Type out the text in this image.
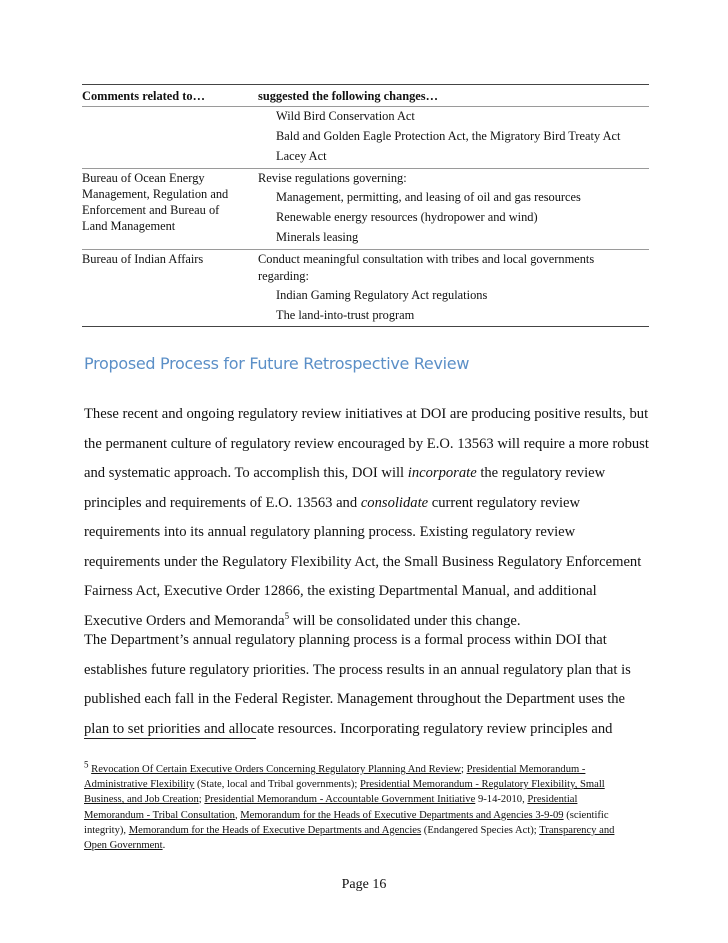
Comments related to…	suggested the following changes…
Wild Bird Conservation Act
Bald and Golden Eagle Protection Act, the Migratory Bird Treaty Act
Lacey Act
Bureau of Ocean Energy
Management, Regulation and
Enforcement and Bureau of
Land Management
Revise regulations governing:
Management, permitting, and leasing of oil and gas resources
Renewable energy resources (hydropower and wind)
Minerals leasing
Bureau of Indian Affairs	Conduct meaningful consultation with tribes and local governments
regarding:
Indian Gaming Regulatory Act regulations
The land-into-trust program
Proposed Process for Future Retrospective Review
These recent and ongoing regulatory review initiatives at DOI are producing positive results, but
the permanent culture of regulatory review encouraged by E.O. 13563 will require a more robust
and systematic approach. To accomplish this, DOI will incorporate the regulatory review
principles and requirements of E.O. 13563 and consolidate current regulatory review
requirements into its annual regulatory planning process. Existing regulatory review
requirements under the Regulatory Flexibility Act, the Small Business Regulatory Enforcement
Fairness Act, Executive Order 12866, the existing Departmental Manual, and additional
Executive Orders and Memoranda$^5$ will be consolidated under this change.
The Department’s annual regulatory planning process is a formal process within DOI that
establishes future regulatory priorities. The process results in an annual regulatory plan that is
published each fall in the Federal Register. Management throughout the Department uses the
plan to set priorities and allocate resources. Incorporating regulatory review principles and
$^5$ Revocation Of Certain Executive Orders Concerning Regulatory Planning And Review; Presidential Memorandum -
Administrative Flexibility (State, local and Tribal governments); Presidential Memorandum - Regulatory Flexibility, Small
Business, and Job Creation; Presidential Memorandum - Accountable Government Initiative 9-14-2010, Presidential
Memorandum - Tribal Consultation, Memorandum for the Heads of Executive Departments and Agencies 3-9-09 (scientific
integrity), Memorandum for the Heads of Executive Departments and Agencies (Endangered Species Act); Transparency and
Open Government.
Page 16
